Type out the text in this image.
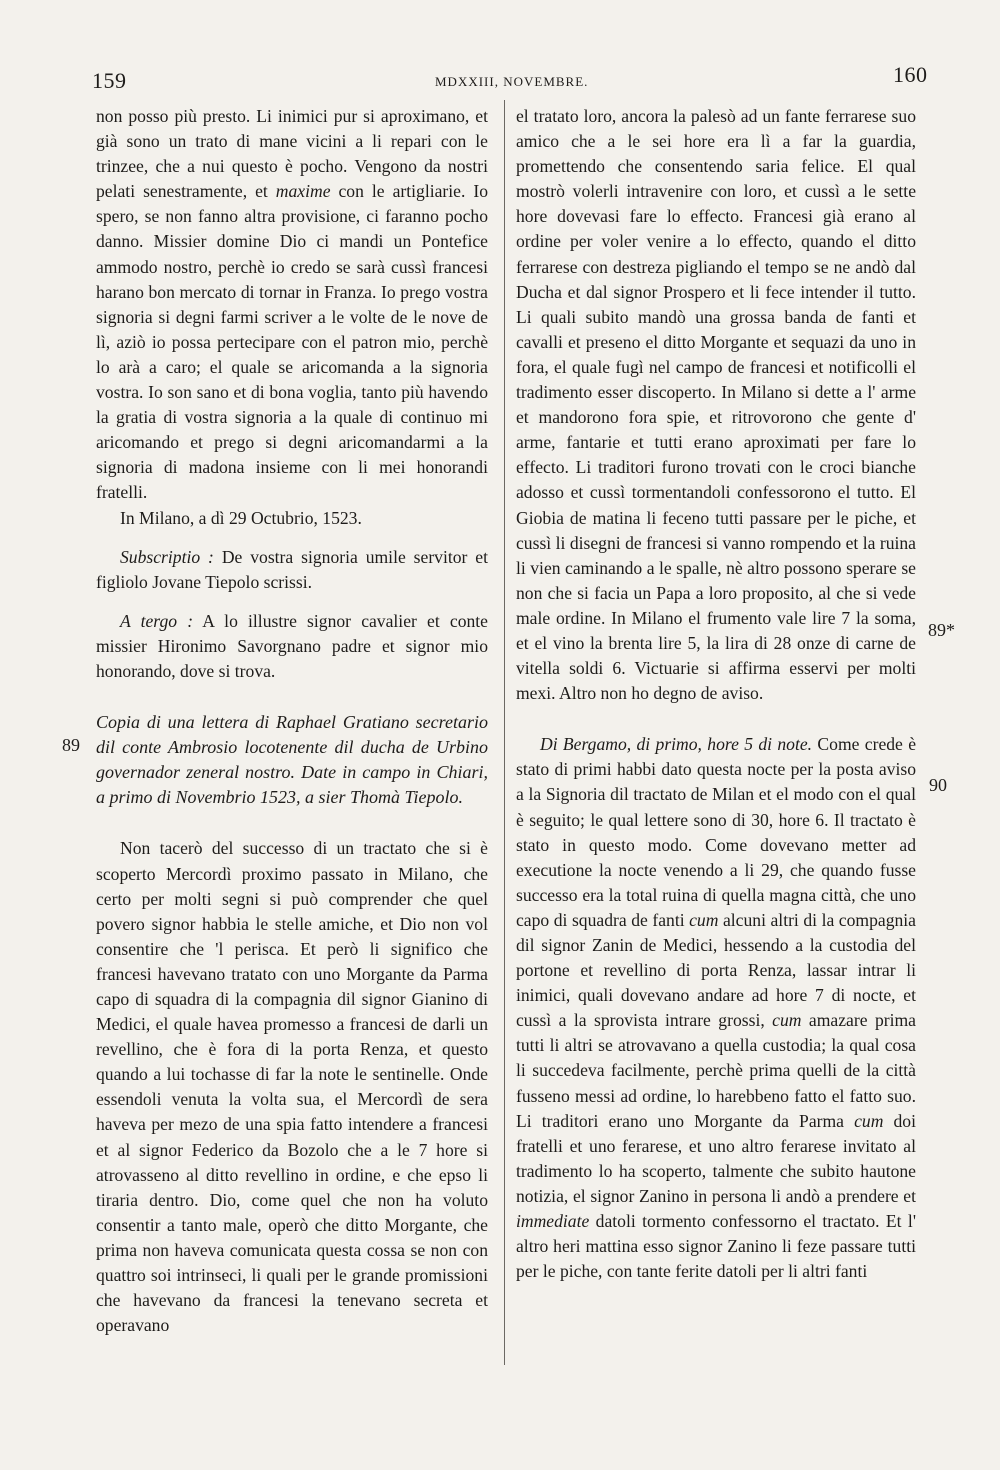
159	MDXXIII, NOVEMBRE.	160

non posso più presto. Li inimici pur si aproximano, et già sono un trato di mane vicini a li repari con le trinzee, che a nui questo è pocho. Vengono da nostri pelati senestramente, et maxime con le artigliarie. Io spero, se non fanno altra provisione, ci faranno pocho danno. Missier domine Dio ci mandi un Pontefice ammodo nostro, perchè io credo se sarà cussì francesi harano bon mercato di tornar in Franza. Io prego vostra signoria si degni farmi scriver a le volte de le nove de lì, aziò io possa pertecipare con el patron mio, perchè lo arà a caro; el quale se aricomanda a la signoria vostra. Io son sano et di bona voglia, tanto più havendo la gratia di vostra signoria a la quale di continuo mi aricomando et prego si degni aricomandarmi a la signoria di madona insieme con li mei honorandi fratelli.

In Milano, a dì 29 Octubrio, 1523.

Subscriptio : De vostra signoria umile servitor et figliolo Jovane Tiepolo scrissi.

A tergo : A lo illustre signor cavalier et conte missier Hironimo Savorgnano padre et signor mio honorando, dove si trova.

Copia di una lettera di Raphael Gratiano secretario dil conte Ambrosio locotenente dil ducha de Urbino governador zeneral nostro. Date in campo in Chiari, a primo di Novembrio 1523, a sier Thomà Tiepolo.

Non tacerò del successo di un tractato che si è scoperto Mercordì proximo passato in Milano, che certo per molti segni si può comprender che quel povero signor habbia le stelle amiche, et Dio non vol consentire che 'l perisca. Et però li significo che francesi havevano tratato con uno Morgante da Parma capo di squadra di la compagnia dil signor Gianino di Medici, el quale havea promesso a francesi de darli un revellino, che è fora di la porta Renza, et questo quando a lui tochasse di far la note le sentinelle. Onde essendoli venuta la volta sua, el Mercordì de sera haveva per mezo de una spia fatto intendere a francesi et al signor Federico da Bozolo che a le 7 hore si atrovasseno al ditto revellino in ordine, e che epso li tiraria dentro. Dio, come quel che non ha voluto consentir a tanto male, operò che ditto Morgante, che prima non haveva comunicata questa cossa se non con quattro soi intrinseci, li quali per le grande promissioni che havevano da francesi la tenevano secreta et operavano

el tratato loro, ancora la palesò ad un fante ferrarese suo amico che a le sei hore era lì a far la guardia, promettendo che consentendo saria felice. El qual mostrò volerli intravenire con loro, et cussì a le sette hore dovevasi fare lo effecto. Francesi già erano al ordine per voler venire a lo effecto, quando el ditto ferrarese con destreza pigliando el tempo se ne andò dal Ducha et dal signor Prospero et li fece intender il tutto. Li quali subito mandò una grossa banda de fanti et cavalli et preseno el ditto Morgante et sequazi da uno in fora, el quale fugì nel campo de francesi et notificolli el tradimento esser discoperto. In Milano si dette a l' arme et mandorono fora spie, et ritrovorono che gente d' arme, fantarie et tutti erano aproximati per fare lo effecto. Li traditori furono trovati con le croci bianche adosso et cussì tormentandoli confessorono el tutto. El Giobia de matina li feceno tutti passare per le piche, et cussì li disegni de francesi si vanno rompendo et la ruina li vien caminando a le spalle, nè altro possono sperare se non che si facia un Papa a loro proposito, al che si vede male ordine. In Milano el frumento vale lire 7 la soma, et el vino la brenta lire 5, la lira di 28 onze di carne de vitella soldi 6. Victuarie si affirma esservi per molti mexi. Altro non ho degno de aviso.

Di Bergamo, di primo, hore 5 di note. Come crede è stato di primi habbi dato questa nocte per la posta aviso a la Signoria dil tractato de Milan et el modo con el qual è seguito; le qual lettere sono di 30, hore 6. Il tractato è stato in questo modo. Come dovevano metter ad executione la nocte venendo a li 29, che quando fusse successo era la total ruina di quella magna città, che uno capo di squadra de fanti cum alcuni altri di la compagnia dil signor Zanin de Medici, hessendo a la custodia del portone et revellino di porta Renza, lassar intrar li inimici, quali dovevano andare ad hore 7 di nocte, et cussì a la sprovista intrare grossi, cum amazare prima tutti li altri se atrovavano a quella custodia; la qual cosa li succedeva facilmente, perchè prima quelli de la città fusseno messi ad ordine, lo harebbeno fatto el fatto suo. Li traditori erano uno Morgante da Parma cum doi fratelli et uno ferarese, et uno altro ferarese invitato al tradimento lo ha scoperto, talmente che subito hautone notizia, el signor Zanino in persona li andò a prendere et immediate datoli tormento confessorno el tractato. Et l' altro heri mattina esso signor Zanino li feze passare tutti per le piche, con tante ferite datoli per li altri fanti

89
89*
90
